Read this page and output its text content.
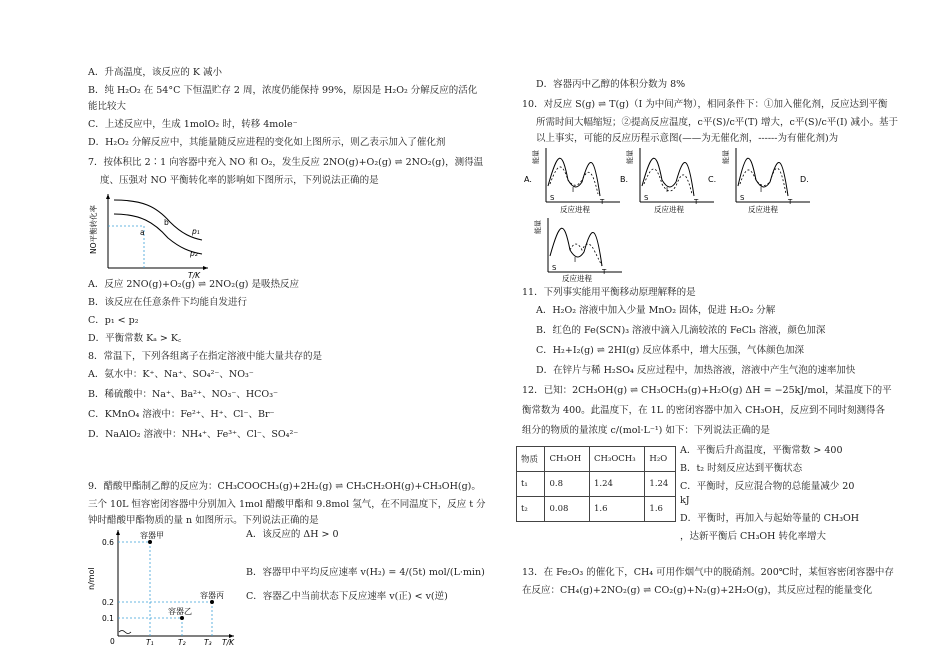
A．升高温度，该反应的 K 减小
B．纯 H₂O₂ 在 54°C 下恒温贮存 2 周，浓度仍能保持 99%，原因是 H₂O₂ 分解反应的活化
能比较大
C．上述反应中，生成 1molO₂ 时，转移 4mole⁻
D．H₂O₂ 分解反应中，其能量随反应进程的变化如上图所示，则乙表示加入了催化剂
7．按体积比 2∶1 向容器中充入 NO 和 O₂，发生反应 2NO(g)+O₂(g) ⇌ 2NO₂(g)，测得温
度、压强对 NO 平衡转化率的影响如下图所示，下列说法正确的是
NO平衡转化率
T/K
a
b
p₁
p₂
A．反应 2NO(g)+O₂(g) ⇌ 2NO₂(g) 是吸热反应
B．该反应在任意条件下均能自发进行
C．p₁ < p₂
D．平衡常数 Kₐ > K꜀
8．常温下，下列各组离子在指定溶液中能大量共存的是
A．氨水中：K⁺、Na⁺、SO₄²⁻、NO₃⁻
B．稀硫酸中：Na⁺、Ba²⁺、NO₃⁻、HCO₃⁻
C．KMnO₄ 溶液中：Fe²⁺、H⁺、Cl⁻、Br⁻
D．NaAlO₂ 溶液中：NH₄⁺、Fe³⁺、Cl⁻、SO₄²⁻
9．醋酸甲酯制乙醇的反应为：CH₃COOCH₃(g)+2H₂(g) ⇌ CH₃CH₂OH(g)+CH₃OH(g)。
三个 10L 恒容密闭容器中分别加入 1mol 醋酸甲酯和 9.8mol 氢气，在不同温度下，反应 t 分
钟时醋酸甲酯物质的量 n 如图所示。下列说法正确的是
n/mol
0.6
0.2
0.1
0	T₁	T₂ T₃ T/K
容器甲
容器乙
容器丙
A．该反应的 ΔH > 0
B．容器甲中平均反应速率 v(H₂) = 4/(5t) mol/(L·min)
C．容器乙中当前状态下反应速率 v(正) < v(逆)
D．容器丙中乙醇的体积分数为 8%
10．对反应 S(g) ⇌ T(g)（I 为中间产物），相同条件下：①加入催化剂，反应达到平衡
所需时间大幅缩短；②提高反应温度，c平(S)/c平(T) 增大，c平(S)/c平(I) 减小。基于
以上事实，可能的反应历程示意图(——为无催化剂，------为有催化剂)为
A.
S
I
T
反应进程
能量
B.
S
I
T
反应进程
能量
C.
S
I
T
反应进程
能量
D.
S
I
T
反应进程
能量
11．下列事实能用平衡移动原理解释的是
A．H₂O₂ 溶液中加入少量 MnO₂ 固体，促进 H₂O₂ 分解
B．红色的 Fe(SCN)₃ 溶液中滴入几滴较浓的 FeCl₃ 溶液，颜色加深
C．H₂+I₂(g) ⇌ 2HI(g) 反应体系中，增大压强，气体颜色加深
D．在锌片与稀 H₂SO₄ 反应过程中，加热溶液，溶液中产生气泡的速率加快
12．已知：2CH₃OH(g) ⇌ CH₃OCH₃(g)+H₂O(g) ΔH = −25kJ/mol，某温度下的平
衡常数为 400。此温度下，在 1L 的密闭容器中加入 CH₃OH，反应到不同时刻测得各
组分的物质的量浓度 c/(mol·L⁻¹) 如下：下列说法正确的是
物质	CH₃OH	CH₃OCH₃	H₂O
t₁	0.8	1.24	1.24
t₂	0.08	1.6	1.6
A．平衡后升高温度，平衡常数 > 400
B．t₂ 时刻反应达到平衡状态
C．平衡时，反应混合物的总能量减少 20
kJ
D．平衡时，再加入与起始等量的 CH₃OH
，达新平衡后 CH₃OH 转化率增大
13．在 Fe₂O₃ 的催化下，CH₄ 可用作烟气中的脱硝剂。200℃时，某恒容密闭容器中存
在反应：CH₄(g)+2NO₂(g) ⇌ CO₂(g)+N₂(g)+2H₂O(g)，其反应过程的能量变化
